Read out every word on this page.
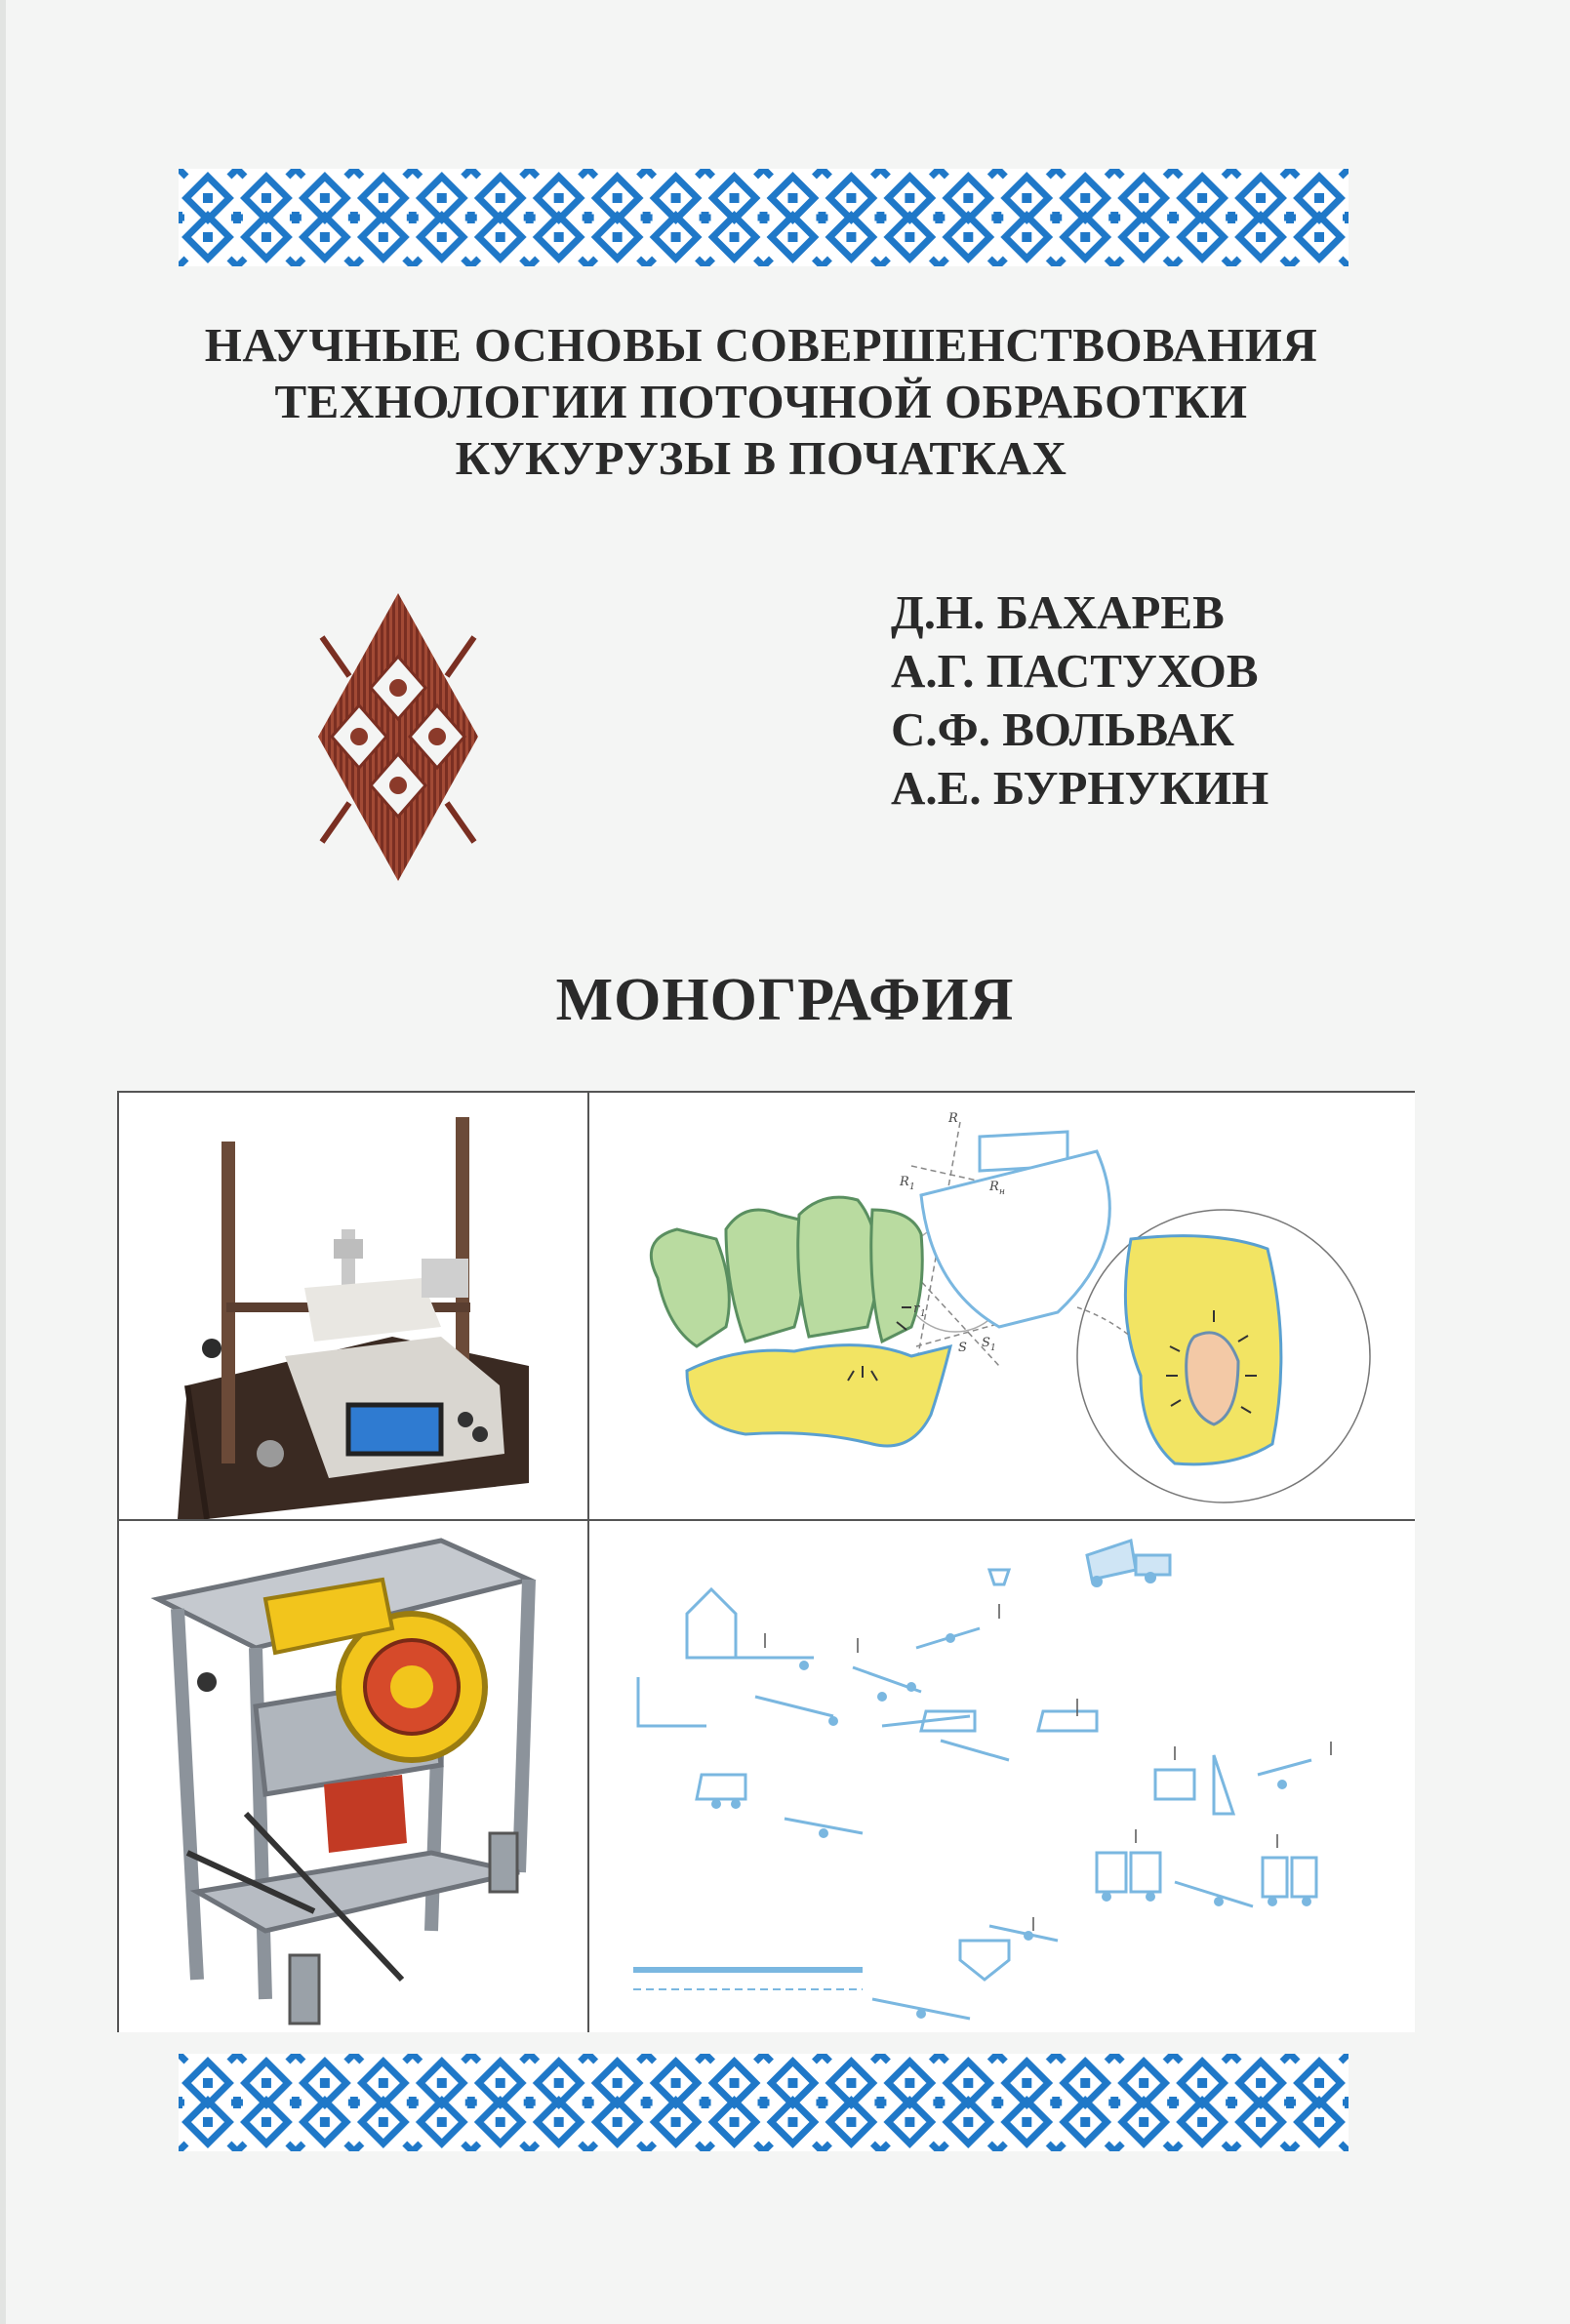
НАУЧНЫЕ ОСНОВЫ СОВЕРШЕНСТВОВАНИЯ
ТЕХНОЛОГИИ ПОТОЧНОЙ ОБРАБОТКИ
КУКУРУЗЫ В ПОЧАТКАХ
Д.Н. БАХАРЕВ
А.Г. ПАСТУХОВ
С.Ф. ВОЛЬВАК
А.Е. БУРНУКИН
МОНОГРАФИЯ
R
R н
R 1
r 1
S 1
S
